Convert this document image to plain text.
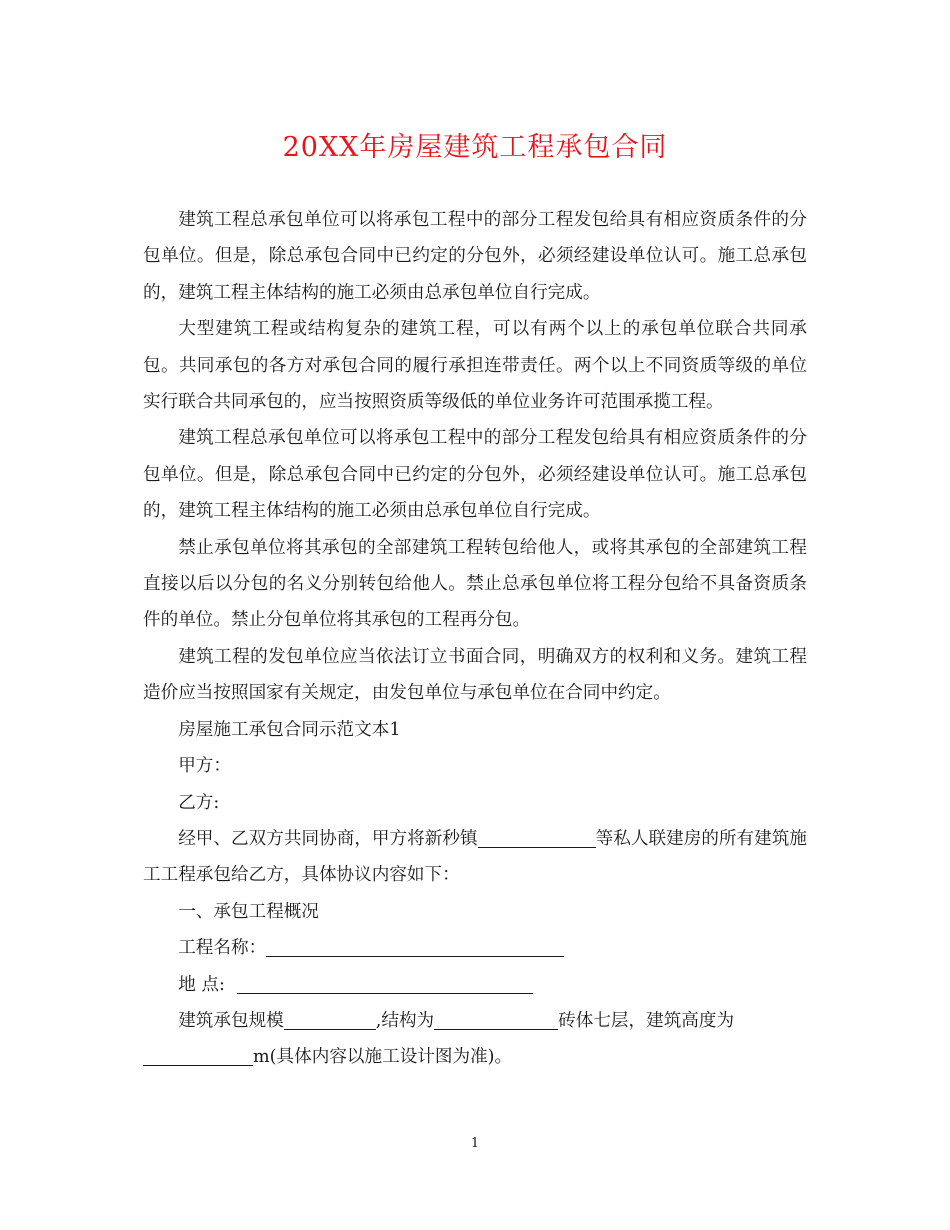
20XX年房屋建筑工程承包合同

建筑工程总承包单位可以将承包工程中的部分工程发包给具有相应资质条件的分包单位。但是，除总承包合同中已约定的分包外，必须经建设单位认可。施工总承包的，建筑工程主体结构的施工必须由总承包单位自行完成。

大型建筑工程或结构复杂的建筑工程，可以有两个以上的承包单位联合共同承包。共同承包的各方对承包合同的履行承担连带责任。两个以上不同资质等级的单位实行联合共同承包的，应当按照资质等级低的单位业务许可范围承揽工程。

建筑工程总承包单位可以将承包工程中的部分工程发包给具有相应资质条件的分包单位。但是，除总承包合同中已约定的分包外，必须经建设单位认可。施工总承包的，建筑工程主体结构的施工必须由总承包单位自行完成。

禁止承包单位将其承包的全部建筑工程转包给他人，或将其承包的全部建筑工程直接以后以分包的名义分别转包给他人。禁止总承包单位将工程分包给不具备资质条件的单位。禁止分包单位将其承包的工程再分包。

建筑工程的发包单位应当依法订立书面合同，明确双方的权利和义务。建筑工程造价应当按照国家有关规定，由发包单位与承包单位在合同中约定。

房屋施工承包合同示范文本1

甲方：

乙方:

经甲、乙双方共同协商，甲方将新秒镇	等私人联建房的所有建筑施工工程承包给乙方，具体协议内容如下：

一、承包工程概况

工程名称：

地 点:

建筑承包规模	,结构为	砖体七层，建筑高度为

m(具体内容以施工设计图为准)。

1
